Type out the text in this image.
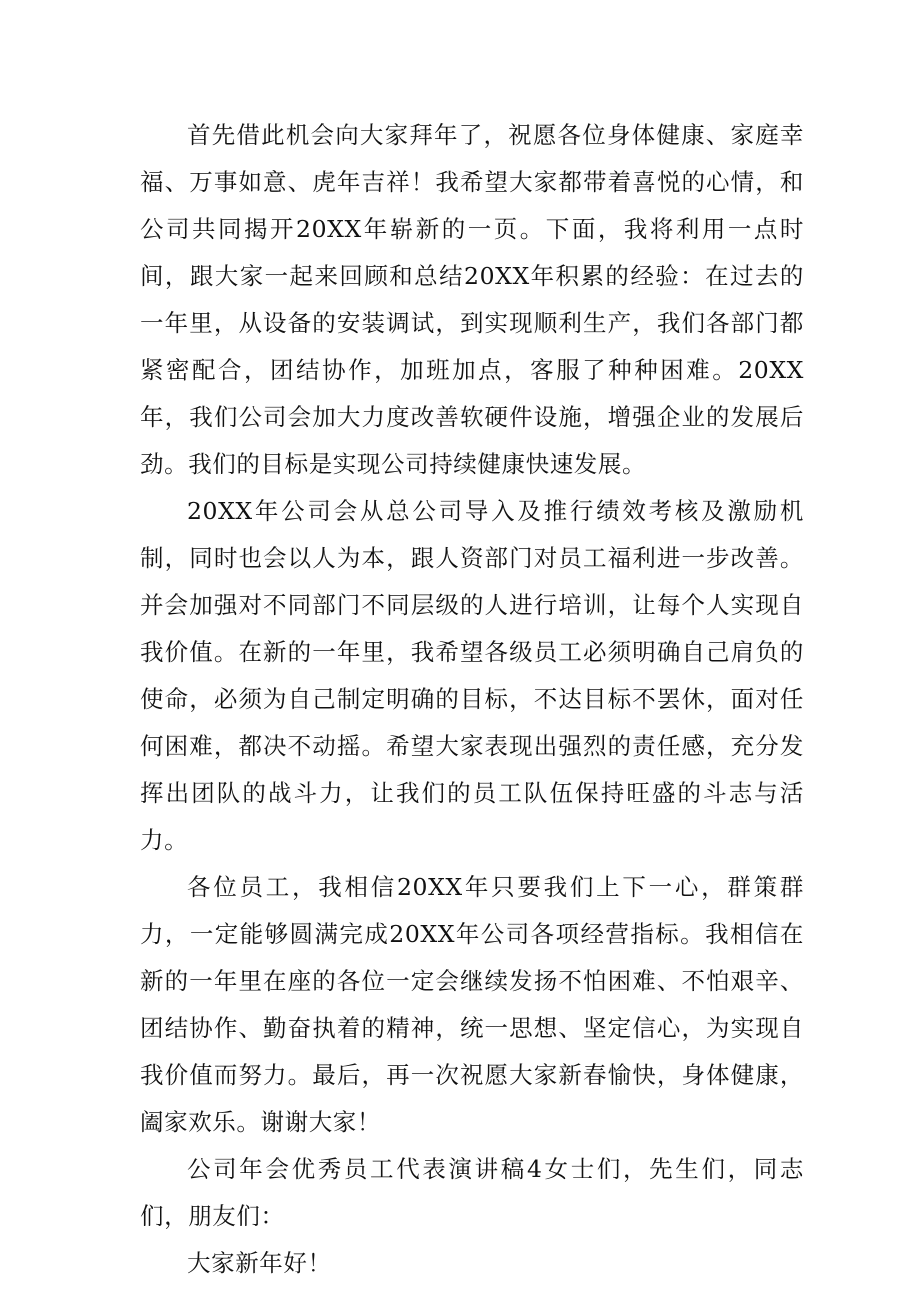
首先借此机会向大家拜年了，祝愿各位身体健康、家庭幸福、万事如意、虎年吉祥！我希望大家都带着喜悦的心情，和公司共同揭开20XX年崭新的一页。下面，我将利用一点时间，跟大家一起来回顾和总结20XX年积累的经验：在过去的一年里，从设备的安装调试，到实现顺利生产，我们各部门都紧密配合，团结协作，加班加点，客服了种种困难。20XX年，我们公司会加大力度改善软硬件设施，增强企业的发展后劲。我们的目标是实现公司持续健康快速发展。

20XX年公司会从总公司导入及推行绩效考核及激励机制，同时也会以人为本，跟人资部门对员工福利进一步改善。并会加强对不同部门不同层级的人进行培训，让每个人实现自我价值。在新的一年里，我希望各级员工必须明确自己肩负的使命，必须为自己制定明确的目标，不达目标不罢休，面对任何困难，都决不动摇。希望大家表现出强烈的责任感，充分发挥出团队的战斗力，让我们的员工队伍保持旺盛的斗志与活力。

各位员工，我相信20XX年只要我们上下一心，群策群力，一定能够圆满完成20XX年公司各项经营指标。我相信在新的一年里在座的各位一定会继续发扬不怕困难、不怕艰辛、团结协作、勤奋执着的精神，统一思想、坚定信心，为实现自我价值而努力。最后，再一次祝愿大家新春愉快，身体健康，阖家欢乐。谢谢大家！

公司年会优秀员工代表演讲稿4女士们，先生们，同志们，朋友们：

大家新年好！
